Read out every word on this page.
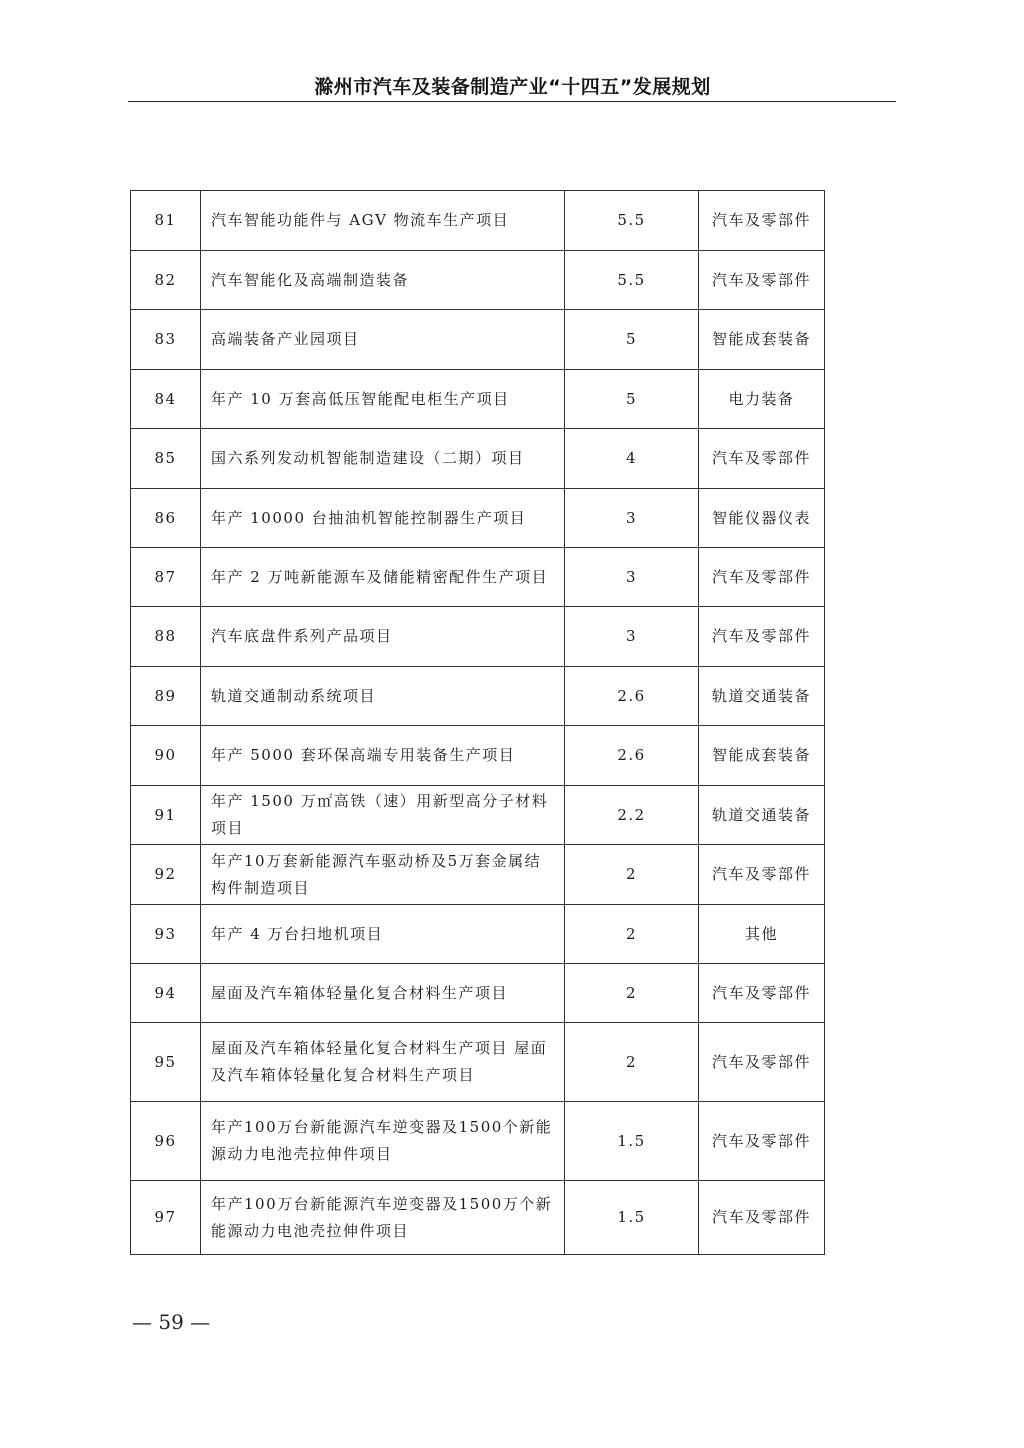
滁州市汽车及装备制造产业“十四五”发展规划
81	汽车智能功能件与 AGV 物流车生产项目	5.5	汽车及零部件
82	汽车智能化及高端制造装备	5.5	汽车及零部件
83	高端装备产业园项目	5	智能成套装备
84	年产 10 万套高低压智能配电柜生产项目	5	电力装备
85	国六系列发动机智能制造建设（二期）项目	4	汽车及零部件
86	年产 10000 台抽油机智能控制器生产项目	3	智能仪器仪表
87	年产 2 万吨新能源车及储能精密配件生产项目	3	汽车及零部件
88	汽车底盘件系列产品项目	3	汽车及零部件
89	轨道交通制动系统项目	2.6	轨道交通装备
90	年产 5000 套环保高端专用装备生产项目	2.6	智能成套装备
91	年产 1500 万㎡高铁（速）用新型高分子材料项目	2.2	轨道交通装备
92	年产10万套新能源汽车驱动桥及5万套金属结构件制造项目	2	汽车及零部件
93	年产 4 万台扫地机项目	2	其他
94	屋面及汽车箱体轻量化复合材料生产项目	2	汽车及零部件
95	屋面及汽车箱体轻量化复合材料生产项目 屋面及汽车箱体轻量化复合材料生产项目	2	汽车及零部件
96	年产100万台新能源汽车逆变器及1500个新能源动力电池壳拉伸件项目	1.5	汽车及零部件
97	年产100万台新能源汽车逆变器及1500万个新能源动力电池壳拉伸件项目	1.5	汽车及零部件
— 59 —
